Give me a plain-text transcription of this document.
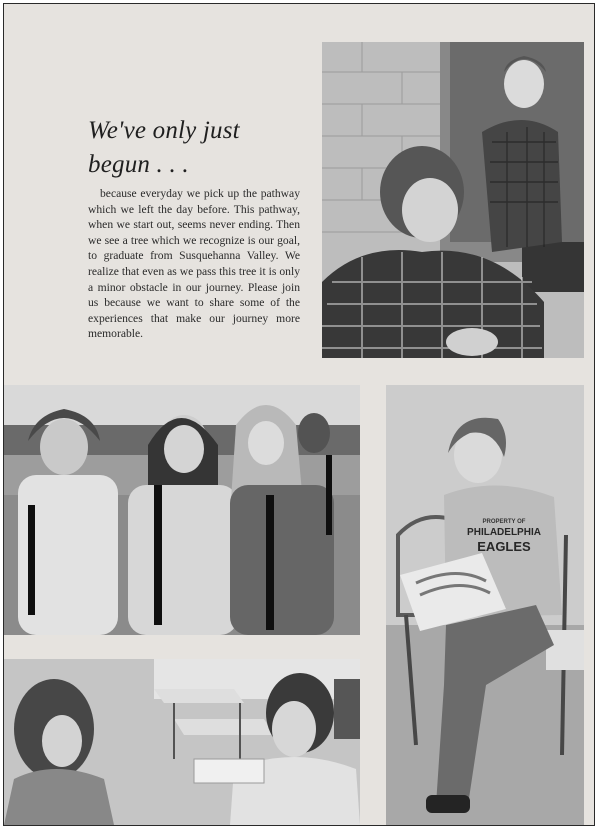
We've only just
begun . . .

because everyday we pick up the pathway which we left the day before. This pathway, when we start out, seems never ending. Then we see a tree which we recognize is our goal, to graduate from Susquehanna Valley. We realize that even as we pass this tree it is only a minor obstacle in our journey. Please join us because we want to share some of the experiences that make our journey more memorable.

PROPERTY OF
PHILADELPHIA
EAGLES
